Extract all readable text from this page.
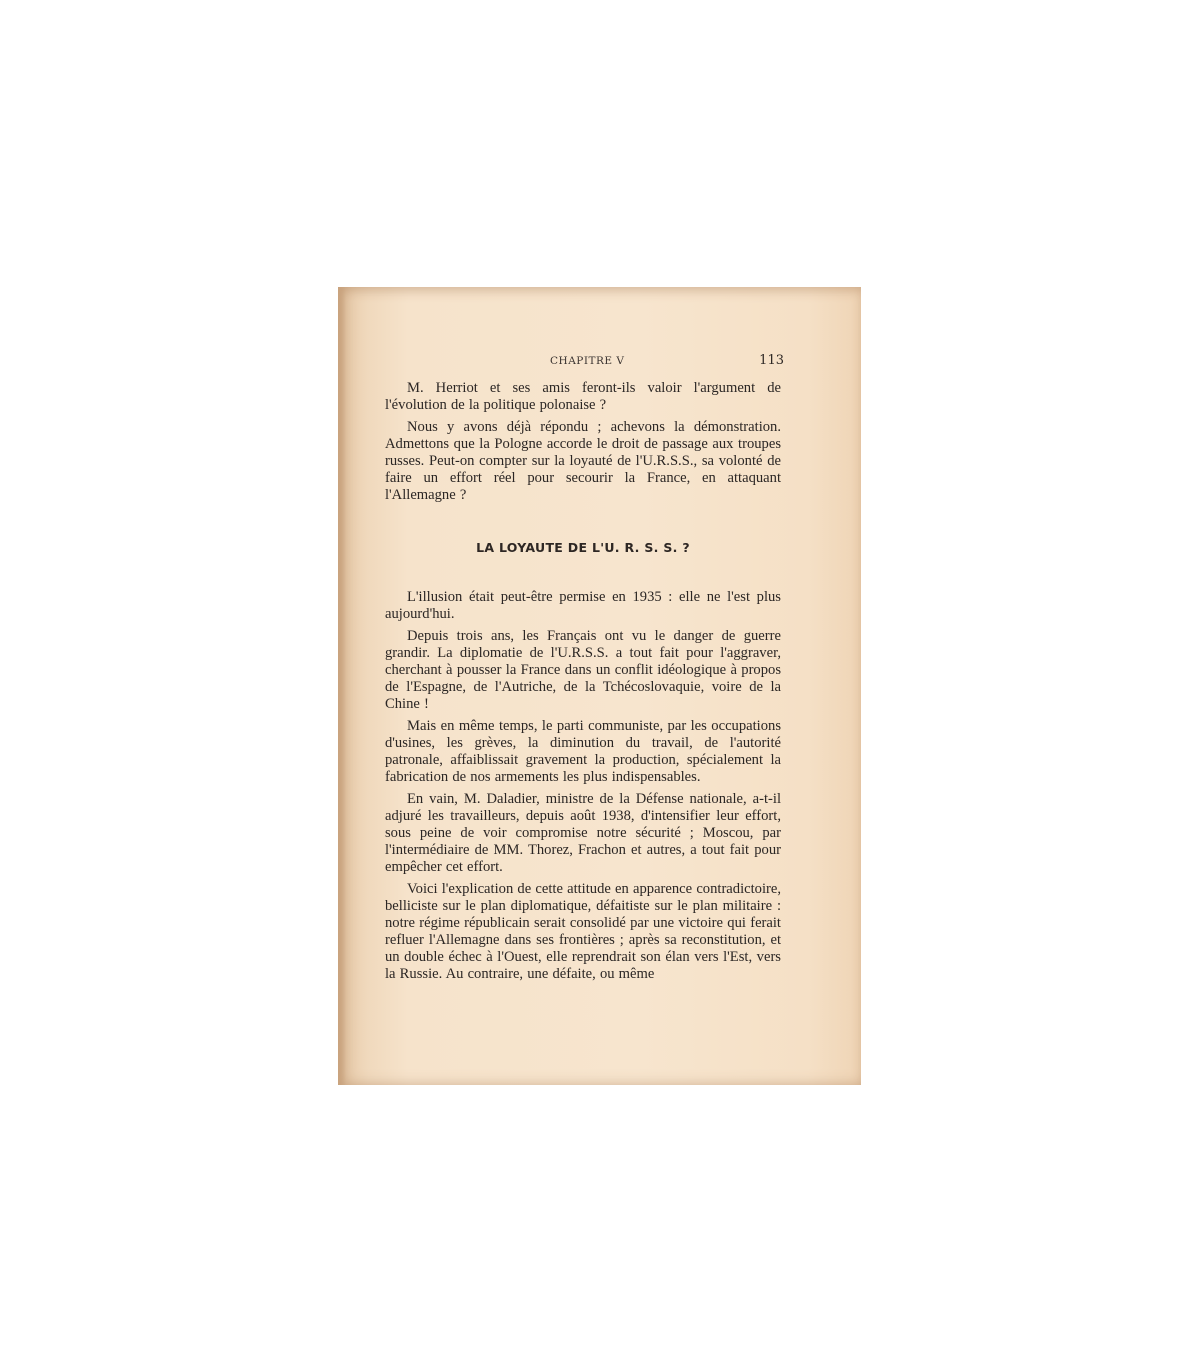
CHAPITRE V	113

M. Herriot et ses amis feront-ils valoir l'argument de l'évolution de la politique polonaise ?

Nous y avons déjà répondu ; achevons la démonstration. Admettons que la Pologne accorde le droit de passage aux troupes russes. Peut-on compter sur la loyauté de l'U.R.S.S., sa volonté de faire un effort réel pour secourir la France, en attaquant l'Allemagne ?

LA LOYAUTE DE L'U. R. S. S. ?

L'illusion était peut-être permise en 1935 : elle ne l'est plus aujourd'hui.

Depuis trois ans, les Français ont vu le danger de guerre grandir. La diplomatie de l'U.R.S.S. a tout fait pour l'aggraver, cherchant à pousser la France dans un conflit idéologique à propos de l'Espagne, de l'Autriche, de la Tchécoslovaquie, voire de la Chine !

Mais en même temps, le parti communiste, par les occupations d'usines, les grèves, la diminution du travail, de l'autorité patronale, affaiblissait gravement la production, spécialement la fabrication de nos armements les plus indispensables.

En vain, M. Daladier, ministre de la Défense nationale, a-t-il adjuré les travailleurs, depuis août 1938, d'intensifier leur effort, sous peine de voir compromise notre sécurité ; Moscou, par l'intermédiaire de MM. Thorez, Frachon et autres, a tout fait pour empêcher cet effort.

Voici l'explication de cette attitude en apparence contradictoire, belliciste sur le plan diplomatique, défaitiste sur le plan militaire : notre régime républicain serait consolidé par une victoire qui ferait refluer l'Allemagne dans ses frontières ; après sa reconstitution, et un double échec à l'Ouest, elle reprendrait son élan vers l'Est, vers la Russie. Au contraire, une défaite, ou même
